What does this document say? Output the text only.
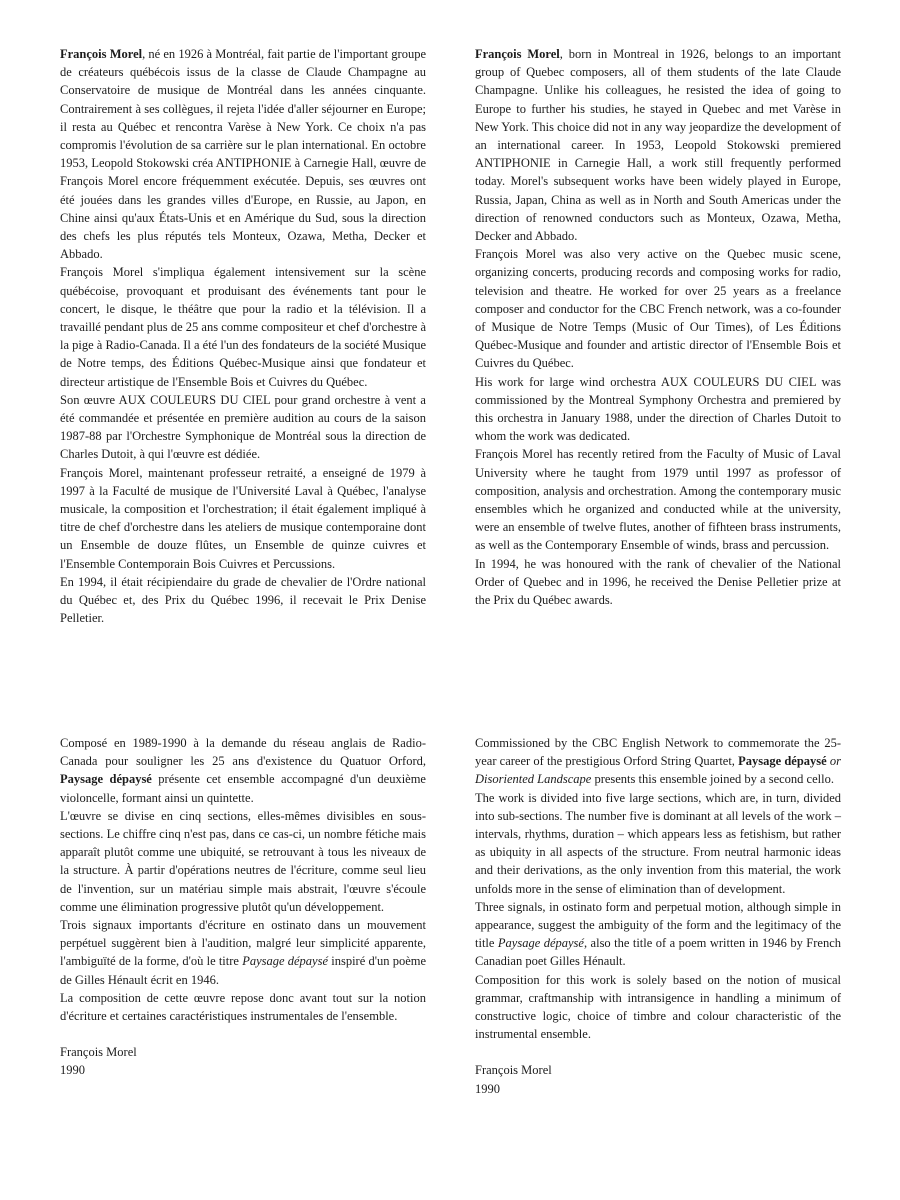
François Morel, né en 1926 à Montréal, fait partie de l'important groupe de créateurs québécois issus de la classe de Claude Champagne au Conservatoire de musique de Montréal dans les années cinquante. Contrairement à ses collègues, il rejeta l'idée d'aller séjourner en Europe; il resta au Québec et rencontra Varèse à New York. Ce choix n'a pas compromis l'évolution de sa carrière sur le plan international. En octobre 1953, Leopold Stokowski créa ANTIPHONIE à Carnegie Hall, œuvre de François Morel encore fréquemment exécutée. Depuis, ses œuvres ont été jouées dans les grandes villes d'Europe, en Russie, au Japon, en Chine ainsi qu'aux États-Unis et en Amérique du Sud, sous la direction des chefs les plus réputés tels Monteux, Ozawa, Metha, Decker et Abbado.

François Morel s'impliqua également intensivement sur la scène québécoise, provoquant et produisant des événements tant pour le concert, le disque, le théâtre que pour la radio et la télévision. Il a travaillé pendant plus de 25 ans comme compositeur et chef d'orchestre à la pige à Radio-Canada. Il a été l'un des fondateurs de la société Musique de Notre temps, des Éditions Québec-Musique ainsi que fondateur et directeur artistique de l'Ensemble Bois et Cuivres du Québec.

Son œuvre AUX COULEURS DU CIEL pour grand orchestre à vent a été commandée et présentée en première audition au cours de la saison 1987-88 par l'Orchestre Symphonique de Montréal sous la direction de Charles Dutoit, à qui l'œuvre est dédiée.

François Morel, maintenant professeur retraité, a enseigné de 1979 à 1997 à la Faculté de musique de l'Université Laval à Québec, l'analyse musicale, la composition et l'orchestration; il était également impliqué à titre de chef d'orchestre dans les ateliers de musique contemporaine dont un Ensemble de douze flûtes, un Ensemble de quinze cuivres et l'Ensemble Contemporain Bois Cuivres et Percussions.

En 1994, il était récipiendaire du grade de chevalier de l'Ordre national du Québec et, des Prix du Québec 1996, il recevait le Prix Denise Pelletier.

François Morel, born in Montreal in 1926, belongs to an important group of Quebec composers, all of them students of the late Claude Champagne. Unlike his colleagues, he resisted the idea of going to Europe to further his studies, he stayed in Quebec and met Varèse in New York. This choice did not in any way jeopardize the development of an international career. In 1953, Leopold Stokowski premiered ANTIPHONIE in Carnegie Hall, a work still frequently performed today. Morel's subsequent works have been widely played in Europe, Russia, Japan, China as well as in North and South Americas under the direction of renowned conductors such as Monteux, Ozawa, Metha, Decker and Abbado.

François Morel was also very active on the Quebec music scene, organizing concerts, producing records and composing works for radio, television and theatre. He worked for over 25 years as a freelance composer and conductor for the CBC French network, was a co-founder of Musique de Notre Temps (Music of Our Times), of Les Éditions Québec-Musique and founder and artistic director of l'Ensemble Bois et Cuivres du Québec.

His work for large wind orchestra AUX COULEURS DU CIEL was commissioned by the Montreal Symphony Orchestra and premiered by this orchestra in January 1988, under the direction of Charles Dutoit to whom the work was dedicated.

François Morel has recently retired from the Faculty of Music of Laval University where he taught from 1979 until 1997 as professor of composition, analysis and orchestration. Among the contemporary music ensembles which he organized and conducted while at the university, were an ensemble of twelve flutes, another of fifhteen brass instruments, as well as the Contemporary Ensemble of winds, brass and percussion.

In 1994, he was honoured with the rank of chevalier of the National Order of Quebec and in 1996, he received the Denise Pelletier prize at the Prix du Québec awards.

Composé en 1989-1990 à la demande du réseau anglais de Radio-Canada pour souligner les 25 ans d'existence du Quatuor Orford, Paysage dépaysé présente cet ensemble accompagné d'un deuxième violoncelle, formant ainsi un quintette.

L'œuvre se divise en cinq sections, elles-mêmes divisibles en sous-sections. Le chiffre cinq n'est pas, dans ce cas-ci, un nombre fétiche mais apparaît plutôt comme une ubiquité, se retrouvant à tous les niveaux de la structure. À partir d'opérations neutres de l'écriture, comme seul lieu de l'invention, sur un matériau simple mais abstrait, l'œuvre s'écoule comme une élimination progressive plutôt qu'un développement.

Trois signaux importants d'écriture en ostinato dans un mouvement perpétuel suggèrent bien à l'audition, malgré leur simplicité apparente, l'ambiguïté de la forme, d'où le titre Paysage dépaysé inspiré d'un poème de Gilles Hénault écrit en 1946.

La composition de cette œuvre repose donc avant tout sur la notion d'écriture et certaines caractéristiques instrumentales de l'ensemble.

François Morel
1990

Commissioned by the CBC English Network to commemorate the 25-year career of the prestigious Orford String Quartet, Paysage dépaysé or Disoriented Landscape presents this ensemble joined by a second cello.

The work is divided into five large sections, which are, in turn, divided into sub-sections. The number five is dominant at all levels of the work – intervals, rhythms, duration – which appears less as fetishism, but rather as ubiquity in all aspects of the structure. From neutral harmonic ideas and their derivations, as the only invention from this material, the work unfolds more in the sense of elimination than of development.

Three signals, in ostinato form and perpetual motion, although simple in appearance, suggest the ambiguity of the form and the legitimacy of the title Paysage dépaysé, also the title of a poem written in 1946 by French Canadian poet Gilles Hénault.

Composition for this work is solely based on the notion of musical grammar, craftmanship with intransigence in handling a minimum of constructive logic, choice of timbre and colour characteristic of the instrumental ensemble.

François Morel
1990
